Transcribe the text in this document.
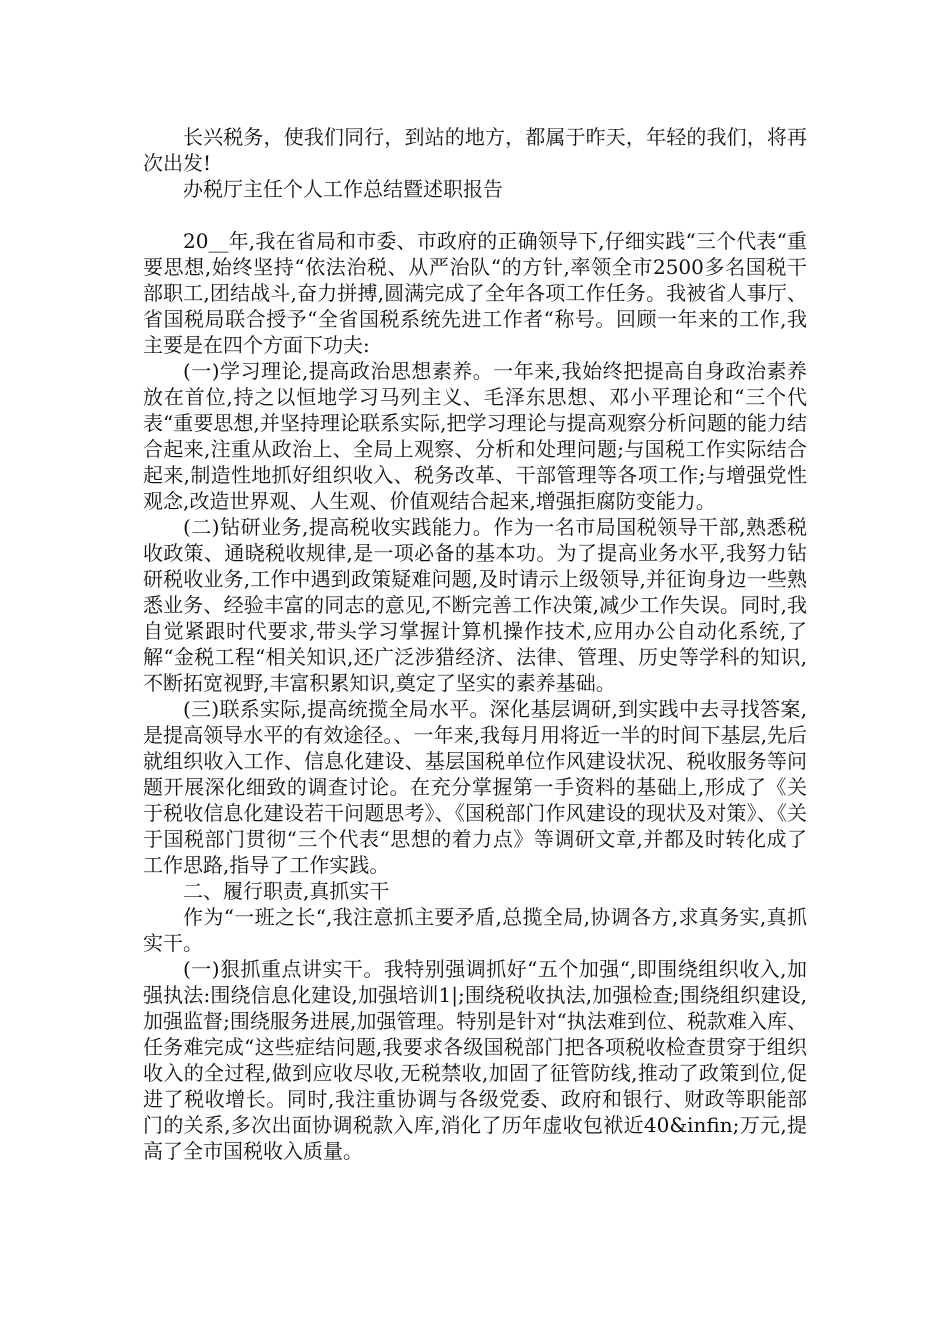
长兴税务，使我们同行，到站的地方，都属于昨天，年轻的我们，将再次出发!

办税厅主任个人工作总结暨述职报告

20__年,我在省局和市委、市政府的正确领导下,仔细实践“三个代表“重要思想,始终坚持“依法治税、从严治队“的方针,率领全市2500多名国税干部职工,团结战斗,奋力拼搏,圆满完成了全年各项工作任务。我被省人事厅、省国税局联合授予“全省国税系统先进工作者“称号。回顾一年来的工作,我主要是在四个方面下功夫:

(一)学习理论,提高政治思想素养。一年来,我始终把提高自身政治素养放在首位,持之以恒地学习马列主义、毛泽东思想、邓小平理论和“三个代表“重要思想,并坚持理论联系实际,把学习理论与提高观察分析问题的能力结合起来,注重从政治上、全局上观察、分析和处理问题;与国税工作实际结合起来,制造性地抓好组织收入、税务改革、干部管理等各项工作;与增强党性观念,改造世界观、人生观、价值观结合起来,增强拒腐防变能力。

(二)钻研业务,提高税收实践能力。作为一名市局国税领导干部,熟悉税收政策、通晓税收规律,是一项必备的基本功。为了提高业务水平,我努力钻研税收业务,工作中遇到政策疑难问题,及时请示上级领导,并征询身边一些熟悉业务、经验丰富的同志的意见,不断完善工作决策,减少工作失误。同时,我自觉紧跟时代要求,带头学习掌握计算机操作技术,应用办公自动化系统,了解“金税工程“相关知识,还广泛涉猎经济、法律、管理、历史等学科的知识,不断拓宽视野,丰富积累知识,奠定了坚实的素养基础。

(三)联系实际,提高统揽全局水平。深化基层调研,到实践中去寻找答案,是提高领导水平的有效途径。、一年来,我每月用将近一半的时间下基层,先后就组织收入工作、信息化建设、基层国税单位作风建设状况、税收服务等问题开展深化细致的调查讨论。在充分掌握第一手资料的基础上,形成了《关于税收信息化建设若干问题思考》、《国税部门作风建设的现状及对策》、《关于国税部门贯彻“三个代表“思想的着力点》等调研文章,并都及时转化成了工作思路,指导了工作实践。

二、履行职责,真抓实干

作为“一班之长“,我注意抓主要矛盾,总揽全局,协调各方,求真务实,真抓实干。

(一)狠抓重点讲实干。我特别强调抓好“五个加强“,即围绕组织收入,加强执法:围绕信息化建设,加强培训1|;围绕税收执法,加强检查;围绕组织建设,加强监督;围绕服务进展,加强管理。特别是针对“执法难到位、税款难入库、任务难完成“这些症结问题,我要求各级国税部门把各项税收检查贯穿于组织收入的全过程,做到应收尽收,无税禁收,加固了征管防线,推动了政策到位,促进了税收增长。同时,我注重协调与各级党委、政府和银行、财政等职能部门的关系,多次出面协调税款入库,消化了历年虚收包袱近40&infin;万元,提高了全市国税收入质量。
